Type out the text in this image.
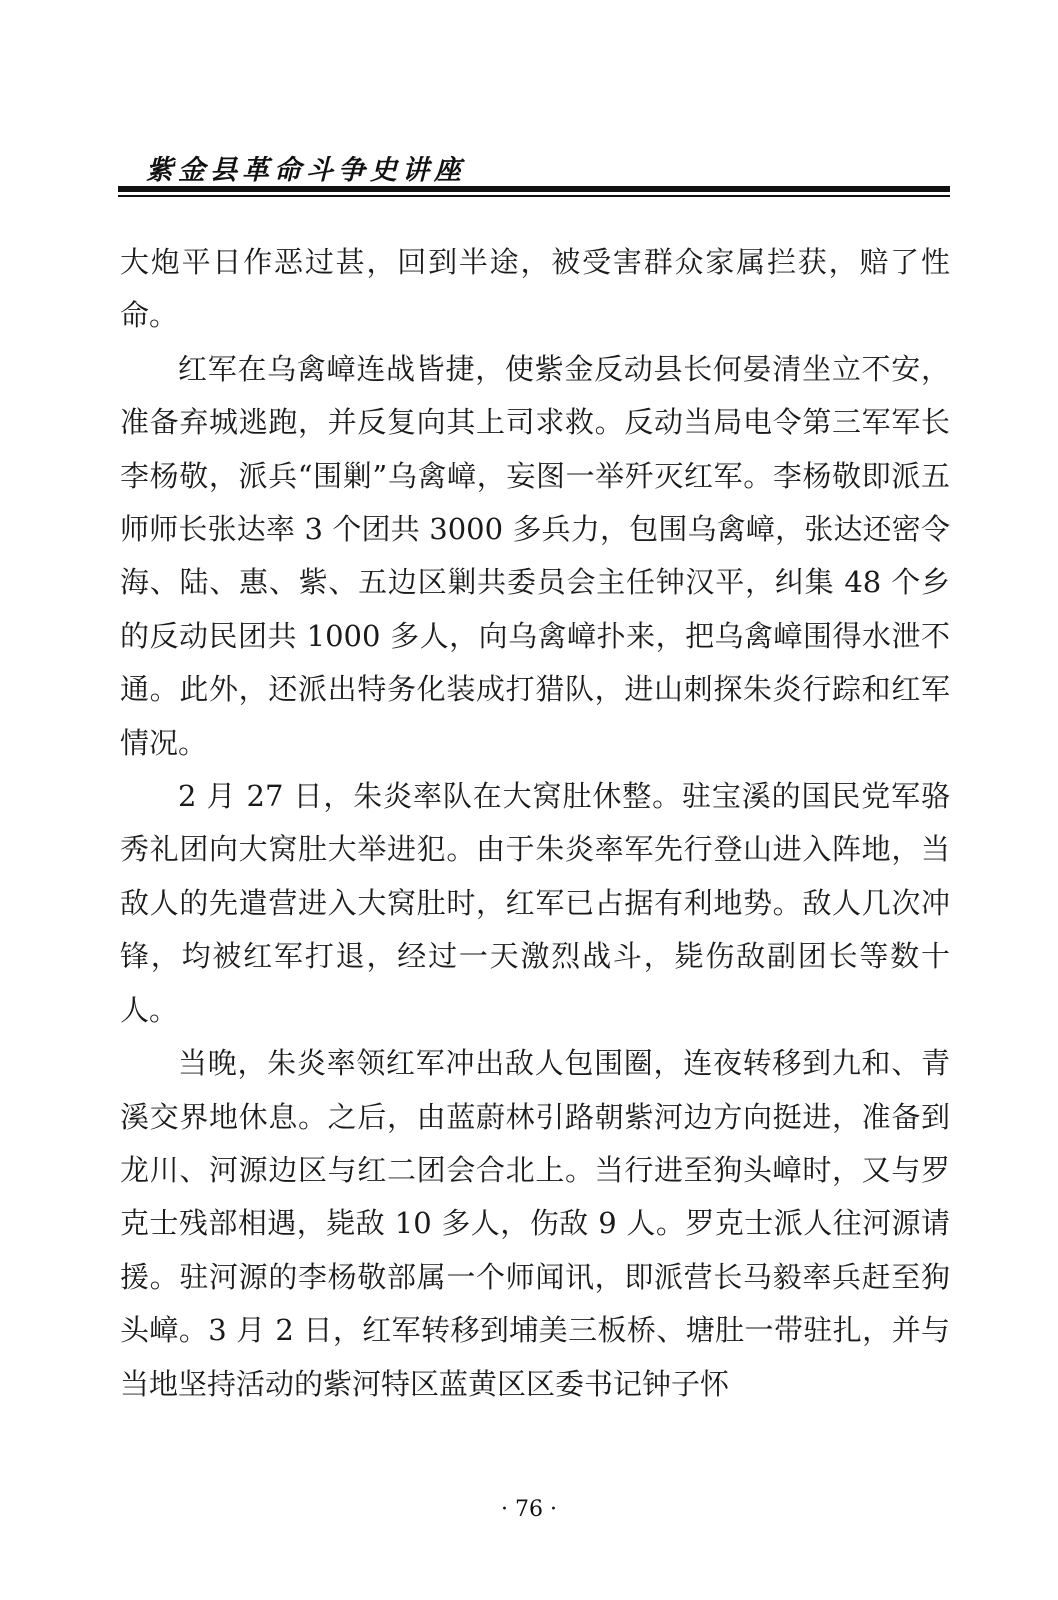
紫金县革命斗争史讲座

大炮平日作恶过甚，回到半途，被受害群众家属拦获，赔了性命。

红军在乌禽嶂连战皆捷，使紫金反动县长何晏清坐立不安，准备弃城逃跑，并反复向其上司求救。反动当局电令第三军军长李杨敬，派兵“围剿”乌禽嶂，妄图一举歼灭红军。李杨敬即派五师师长张达率 3 个团共 3000 多兵力，包围乌禽嶂，张达还密令海、陆、惠、紫、五边区剿共委员会主任钟汉平，纠集 48 个乡的反动民团共 1000 多人，向乌禽嶂扑来，把乌禽嶂围得水泄不通。此外，还派出特务化装成打猎队，进山刺探朱炎行踪和红军情况。

2 月 27 日，朱炎率队在大窝肚休整。驻宝溪的国民党军骆秀礼团向大窝肚大举进犯。由于朱炎率军先行登山进入阵地，当敌人的先遣营进入大窝肚时，红军已占据有利地势。敌人几次冲锋，均被红军打退，经过一天激烈战斗，毙伤敌副团长等数十人。

当晚，朱炎率领红军冲出敌人包围圈，连夜转移到九和、青溪交界地休息。之后，由蓝蔚林引路朝紫河边方向挺进，准备到龙川、河源边区与红二团会合北上。当行进至狗头嶂时，又与罗克士残部相遇，毙敌 10 多人，伤敌 9 人。罗克士派人往河源请援。驻河源的李杨敬部属一个师闻讯，即派营长马毅率兵赶至狗头嶂。3 月 2 日，红军转移到埔美三板桥、塘肚一带驻扎，并与当地坚持活动的紫河特区蓝黄区区委书记钟子怀

· 76 ·
